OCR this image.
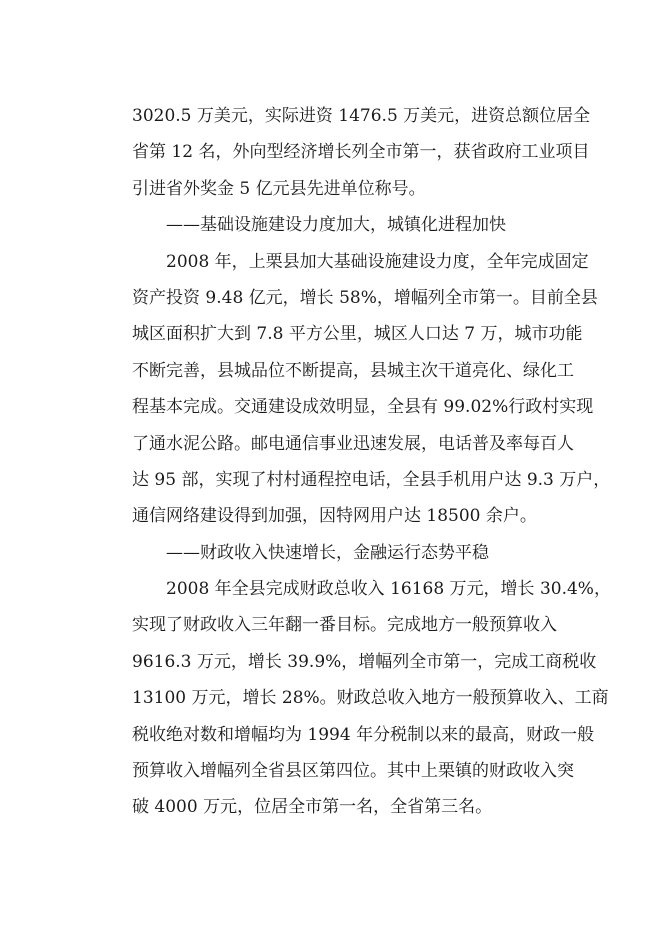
3020.5 万美元，实际进资 1476.5 万美元，进资总额位居全
省第 12 名，外向型经济增长列全市第一，获省政府工业项目
引进省外奖金 5 亿元县先进单位称号。
　　——基础设施建设力度加大，城镇化进程加快
　　2008 年，上栗县加大基础设施建设力度，全年完成固定
资产投资 9.48 亿元，增长 58%，增幅列全市第一。目前全县
城区面积扩大到 7.8 平方公里，城区人口达 7 万，城市功能
不断完善，县城品位不断提高，县城主次干道亮化、绿化工
程基本完成。交通建设成效明显，全县有 99.02%行政村实现
了通水泥公路。邮电通信事业迅速发展，电话普及率每百人
达 95 部，实现了村村通程控电话，全县手机用户达 9.3 万户，
通信网络建设得到加强，因特网用户达 18500 余户。
　　——财政收入快速增长，金融运行态势平稳
　　2008 年全县完成财政总收入 16168 万元，增长 30.4%，
实现了财政收入三年翻一番目标。完成地方一般预算收入
9616.3 万元，增长 39.9%，增幅列全市第一，完成工商税收
13100 万元，增长 28%。财政总收入地方一般预算收入、工商
税收绝对数和增幅均为 1994 年分税制以来的最高，财政一般
预算收入增幅列全省县区第四位。其中上栗镇的财政收入突
破 4000 万元，位居全市第一名，全省第三名。
